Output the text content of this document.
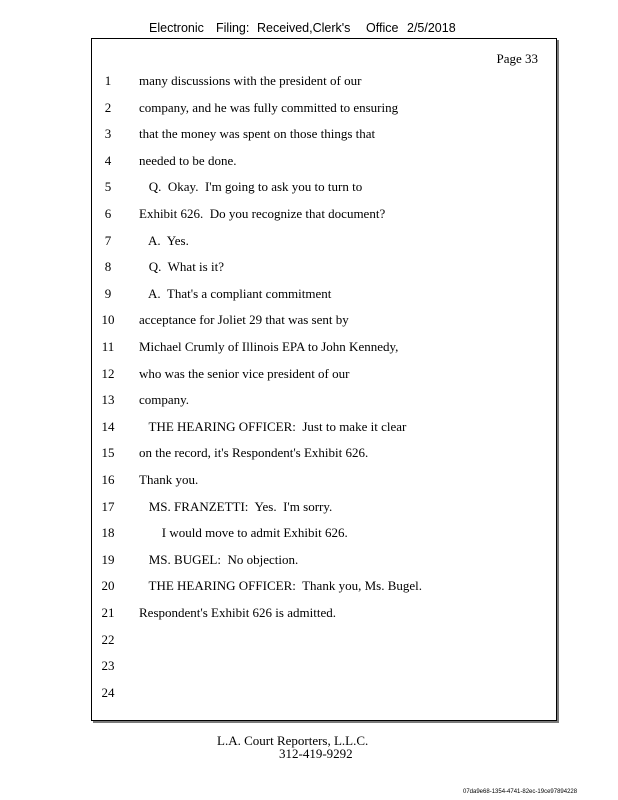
Electronic Filing: Received,Clerk's Office 2/5/2018
Page 33
1	many discussions with the president of our
2	company, and he was fully committed to ensuring
3	that the money was spent on those things that
4	needed to be done.
5	Q.  Okay.  I'm going to ask you to turn to
6	Exhibit 626.  Do you recognize that document?
7	A.  Yes.
8	Q.  What is it?
9	A.  That's a compliant commitment
10	acceptance for Joliet 29 that was sent by
11	Michael Crumly of Illinois EPA to John Kennedy,
12	who was the senior vice president of our
13	company.
14	THE HEARING OFFICER:  Just to make it clear
15	on the record, it's Respondent's Exhibit 626.
16	Thank you.
17	MS. FRANZETTI:  Yes.  I'm sorry.
18	I would move to admit Exhibit 626.
19	MS. BUGEL:  No objection.
20	THE HEARING OFFICER:  Thank you, Ms. Bugel.
21	Respondent's Exhibit 626 is admitted.
22
23
24
L.A. Court Reporters, L.L.C.
312-419-9292
07da9e68-1354-4741-82ec-19ce97894228
